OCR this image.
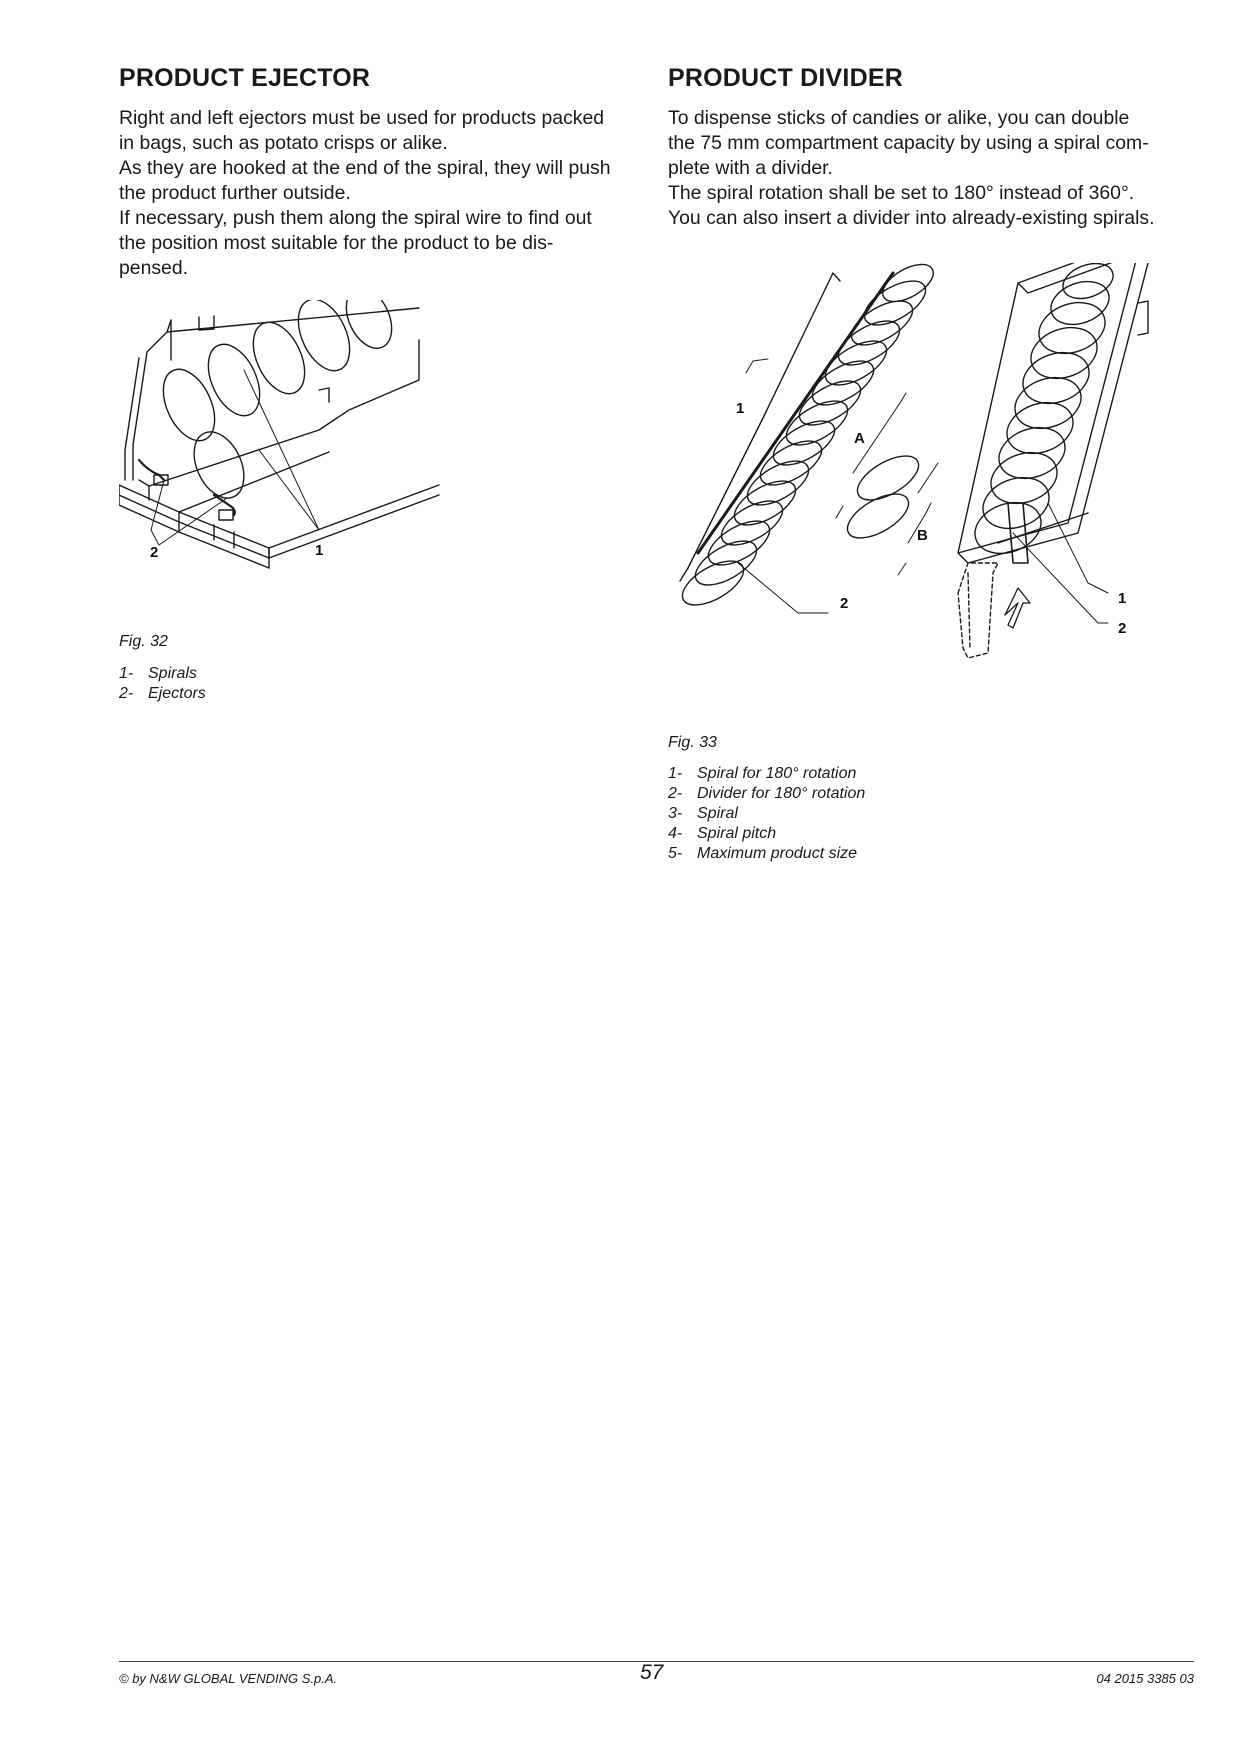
PRODUCT EJECTOR

Right and left ejectors must be used for products packed
in bags, such as potato crisps or alike.
As they are hooked at the end of the spiral, they will push
the product further outside.
If necessary, push them along the spiral wire to find out
the position most suitable for the product to be dis-
pensed.

2	1

Fig. 32

1- Spirals
2- Ejectors
PRODUCT DIVIDER

To dispense sticks of candies or alike, you can double
the 75 mm compartment capacity by using a spiral com-
plete with a divider.
The spiral rotation shall be set to 180° instead of 360°.
You can also insert a divider into already-existing spirals.

1
2
A
B
1
2

Fig. 33

1- Spiral for 180° rotation
2- Divider for 180° rotation
3- Spiral
4- Spiral pitch
5- Maximum product size
© by N&W GLOBAL VENDING S.p.A.	57	04 2015 3385 03
